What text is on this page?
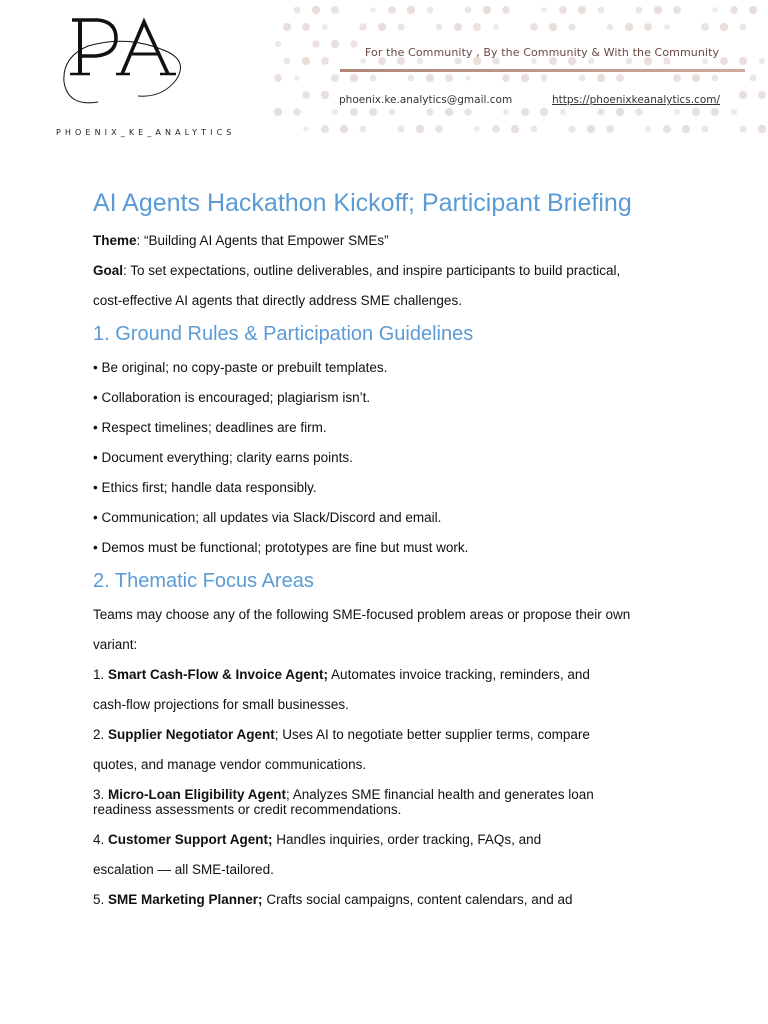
PHOENIX_KE_ANALYTICS
For the Community , By the Community & With the Community
phoenix.ke.analytics@gmail.com	https://phoenixkeanalytics.com/
AI Agents Hackathon Kickoff; Participant Briefing
Theme: “Building AI Agents that Empower SMEs”
Goal: To set expectations, outline deliverables, and inspire participants to build practical,
cost-effective AI agents that directly address SME challenges.
1. Ground Rules & Participation Guidelines
• Be original; no copy-paste or prebuilt templates.
• Collaboration is encouraged; plagiarism isn’t.
• Respect timelines; deadlines are firm.
• Document everything; clarity earns points.
• Ethics first; handle data responsibly.
• Communication; all updates via Slack/Discord and email.
• Demos must be functional; prototypes are fine but must work.
2. Thematic Focus Areas
Teams may choose any of the following SME-focused problem areas or propose their own
variant:
1. Smart Cash-Flow & Invoice Agent; Automates invoice tracking, reminders, and
cash-flow projections for small businesses.
2. Supplier Negotiator Agent; Uses AI to negotiate better supplier terms, compare
quotes, and manage vendor communications.
3. Micro-Loan Eligibility Agent; Analyzes SME financial health and generates loan
readiness assessments or credit recommendations.
4. Customer Support Agent; Handles inquiries, order tracking, FAQs, and
escalation — all SME-tailored.
5. SME Marketing Planner; Crafts social campaigns, content calendars, and ad
